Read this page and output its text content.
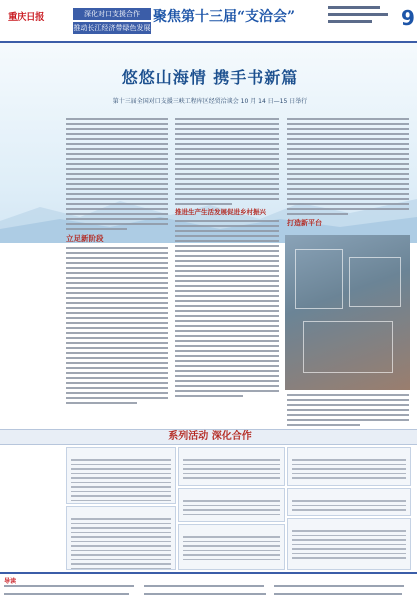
重庆日报	深化对口支援合作
推动长江经济带绿色发展
聚焦第十三届“支洽会”	9
悠悠山海情 携手书新篇
第十三届全国对口支援三峡工程库区经贸洽谈会 10 月 14 日—15 日举行
立足新阶段
推进生产生活发展促进乡村振兴
打造新平台
系列活动 深化合作
导读
